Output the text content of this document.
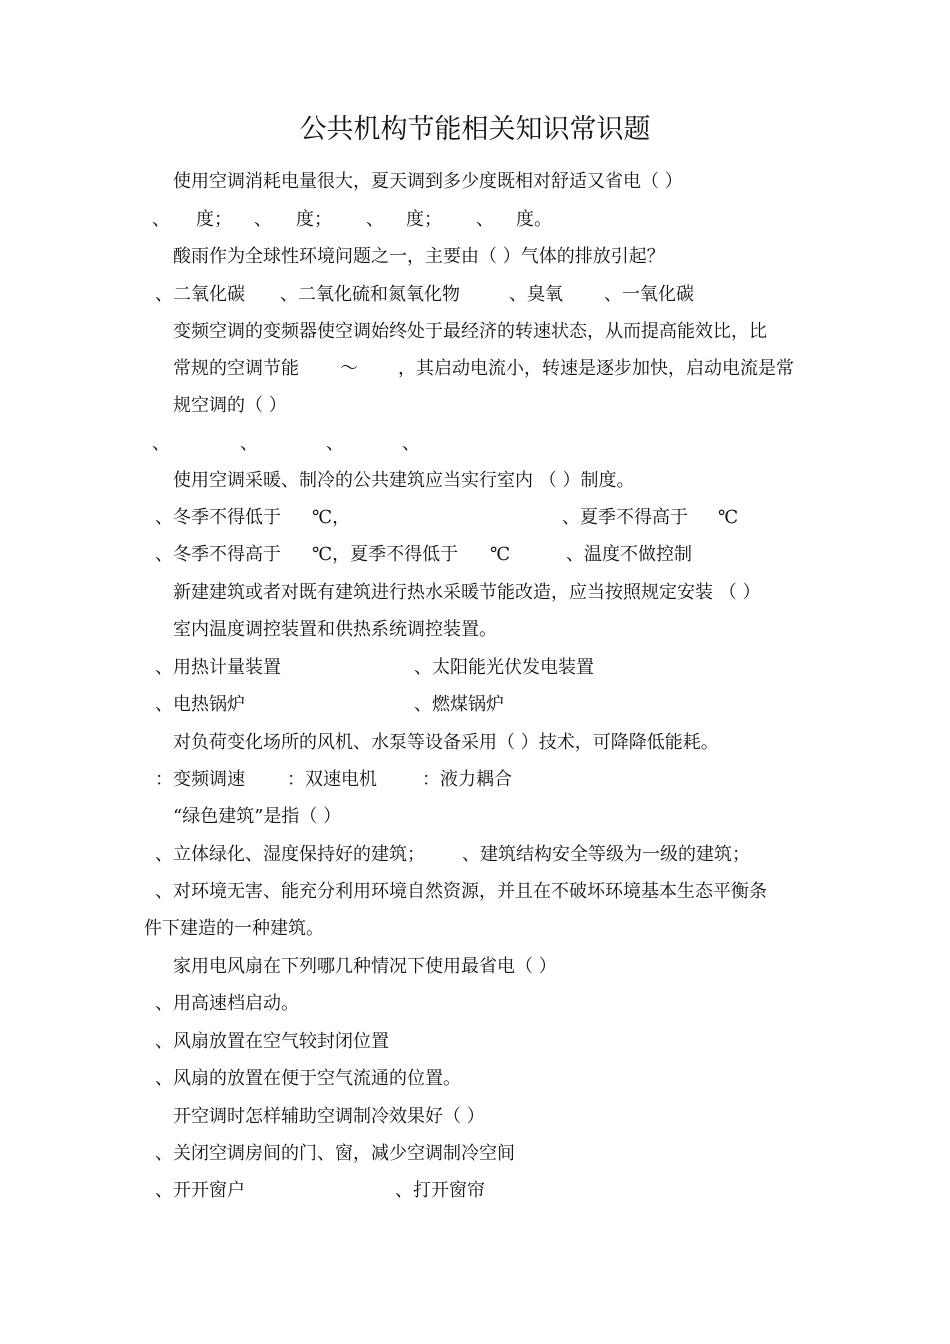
公共机构节能相关知识常识题
使用空调消耗电量很大，夏天调到多少度既相对舒适又省电（ ）
、 度； 、 度； 、 度； 、 度。
酸雨作为全球性环境问题之一，主要由（ ）气体的排放引起？
、二氧化碳 、二氧化硫和氮氧化物	、臭氧 、一氧化碳
变频空调的变频器使空调始终处于最经济的转速状态，从而提高能效比，比
常规的空调节能 ～ ，其启动电流小，转速是逐步加快，启动电流是常
规空调的（ ）
、	、	、	、
使用空调采暖、制冷的公共建筑应当实行室内 （ ）制度。
、冬季不得低于 ℃，	、夏季不得高于 ℃
、冬季不得高于 ℃，夏季不得低于 ℃	、温度不做控制
新建建筑或者对既有建筑进行热水采暖节能改造，应当按照规定安装 （ ）
室内温度调控装置和供热系统调控装置。
、用热计量装置	、太阳能光伏发电装置
、电热锅炉	、燃煤锅炉
对负荷变化场所的风机、水泵等设备采用（ ）技术，可降降低能耗。
：变频调速 ：双速电机	：液力耦合
“绿色建筑”是指（ ）
、立体绿化、湿度保持好的建筑； 、建筑结构安全等级为一级的建筑；
、对环境无害、能充分利用环境自然资源，并且在不破坏环境基本生态平衡条
件下建造的一种建筑。
家用电风扇在下列哪几种情况下使用最省电（ ）
、用高速档启动。
、风扇放置在空气较封闭位置
、风扇的放置在便于空气流通的位置。
开空调时怎样辅助空调制冷效果好（ ）
、关闭空调房间的门、窗，减少空调制冷空间
、开开窗户	、打开窗帘
